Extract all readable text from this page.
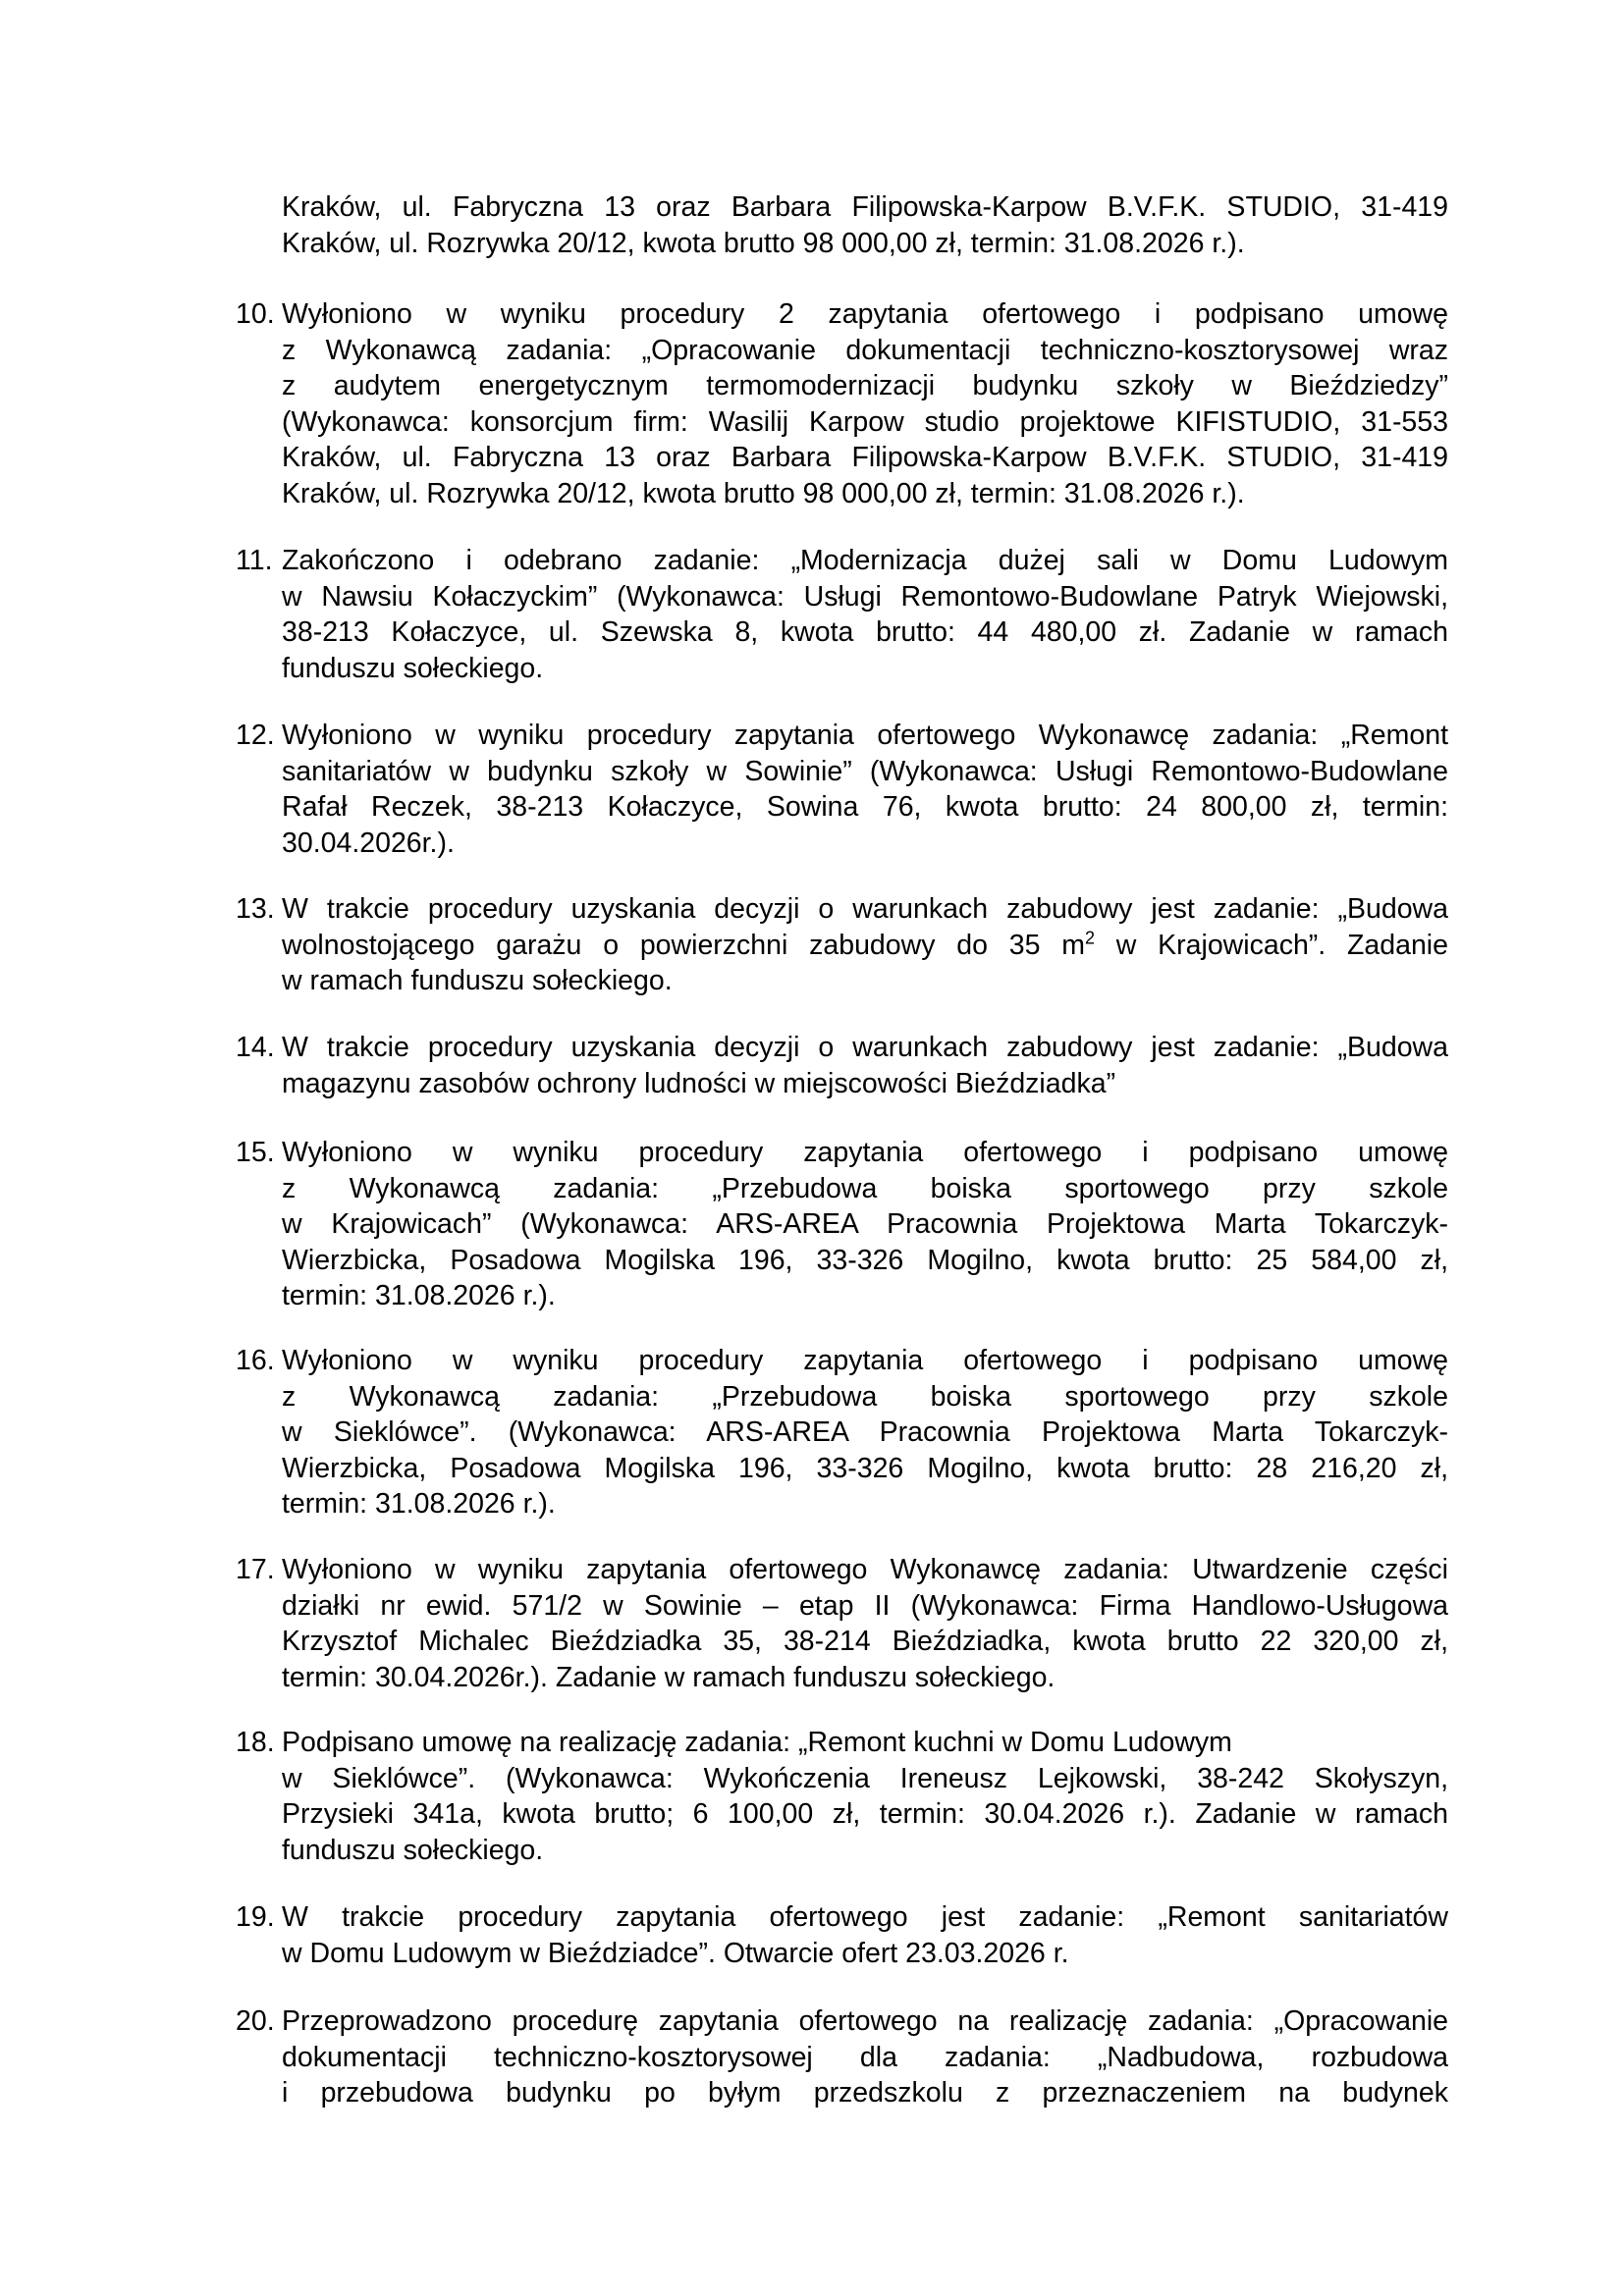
Kraków, ul. Fabryczna 13 oraz Barbara Filipowska-Karpow B.V.F.K. STUDIO, 31-419
Kraków, ul. Rozrywka 20/12, kwota brutto 98 000,00 zł, termin: 31.08.2026 r.).
10. Wyłoniono w wyniku procedury 2 zapytania ofertowego i podpisano umowę
z Wykonawcą zadania: „Opracowanie dokumentacji techniczno-kosztorysowej wraz
z audytem energetycznym termomodernizacji budynku szkoły w Bieździedzy”
(Wykonawca: konsorcjum firm: Wasilij Karpow studio projektowe KIFISTUDIO, 31-553
Kraków, ul. Fabryczna 13 oraz Barbara Filipowska-Karpow B.V.F.K. STUDIO, 31-419
Kraków, ul. Rozrywka 20/12, kwota brutto 98 000,00 zł, termin: 31.08.2026 r.).
11. Zakończono i odebrano zadanie: „Modernizacja dużej sali w Domu Ludowym
w Nawsiu Kołaczyckim” (Wykonawca: Usługi Remontowo-Budowlane Patryk Wiejowski,
38-213 Kołaczyce, ul. Szewska 8, kwota brutto: 44 480,00 zł. Zadanie w ramach
funduszu sołeckiego.
12. Wyłoniono w wyniku procedury zapytania ofertowego Wykonawcę zadania: „Remont
sanitariatów w budynku szkoły w Sowinie” (Wykonawca: Usługi Remontowo-Budowlane
Rafał Reczek, 38-213 Kołaczyce, Sowina 76, kwota brutto: 24 800,00 zł, termin:
30.04.2026r.).
13. W trakcie procedury uzyskania decyzji o warunkach zabudowy jest zadanie: „Budowa
wolnostojącego garażu o powierzchni zabudowy do 35 $m^2$ w Krajowicach”. Zadanie
w ramach funduszu sołeckiego.
14. W trakcie procedury uzyskania decyzji o warunkach zabudowy jest zadanie: „Budowa
magazynu zasobów ochrony ludności w miejscowości Bieździadka”
15. Wyłoniono w wyniku procedury zapytania ofertowego i podpisano umowę
z Wykonawcą zadania: „Przebudowa boiska sportowego przy szkole
w Krajowicach” (Wykonawca: ARS-AREA Pracownia Projektowa Marta Tokarczyk-
Wierzbicka, Posadowa Mogilska 196, 33-326 Mogilno, kwota brutto: 25 584,00 zł,
termin: 31.08.2026 r.).
16. Wyłoniono w wyniku procedury zapytania ofertowego i podpisano umowę
z Wykonawcą zadania: „Przebudowa boiska sportowego przy szkole
w Sieklówce”. (Wykonawca: ARS-AREA Pracownia Projektowa Marta Tokarczyk-
Wierzbicka, Posadowa Mogilska 196, 33-326 Mogilno, kwota brutto: 28 216,20 zł,
termin: 31.08.2026 r.).
17. Wyłoniono w wyniku zapytania ofertowego Wykonawcę zadania: Utwardzenie części
działki nr ewid. 571/2 w Sowinie – etap II (Wykonawca: Firma Handlowo-Usługowa
Krzysztof Michalec Bieździadka 35, 38-214 Bieździadka, kwota brutto 22 320,00 zł,
termin: 30.04.2026r.). Zadanie w ramach funduszu sołeckiego.
18. Podpisano umowę na realizację zadania: „Remont kuchni w Domu Ludowym
w Sieklówce”. (Wykonawca: Wykończenia Ireneusz Lejkowski, 38-242 Skołyszyn,
Przysieki 341a, kwota brutto; 6 100,00 zł, termin: 30.04.2026 r.). Zadanie w ramach
funduszu sołeckiego.
19. W trakcie procedury zapytania ofertowego jest zadanie: „Remont sanitariatów
w Domu Ludowym w Bieździadce”. Otwarcie ofert 23.03.2026 r.
20. Przeprowadzono procedurę zapytania ofertowego na realizację zadania: „Opracowanie
dokumentacji techniczno-kosztorysowej dla zadania: „Nadbudowa, rozbudowa
i przebudowa budynku po byłym przedszkolu z przeznaczeniem na budynek
